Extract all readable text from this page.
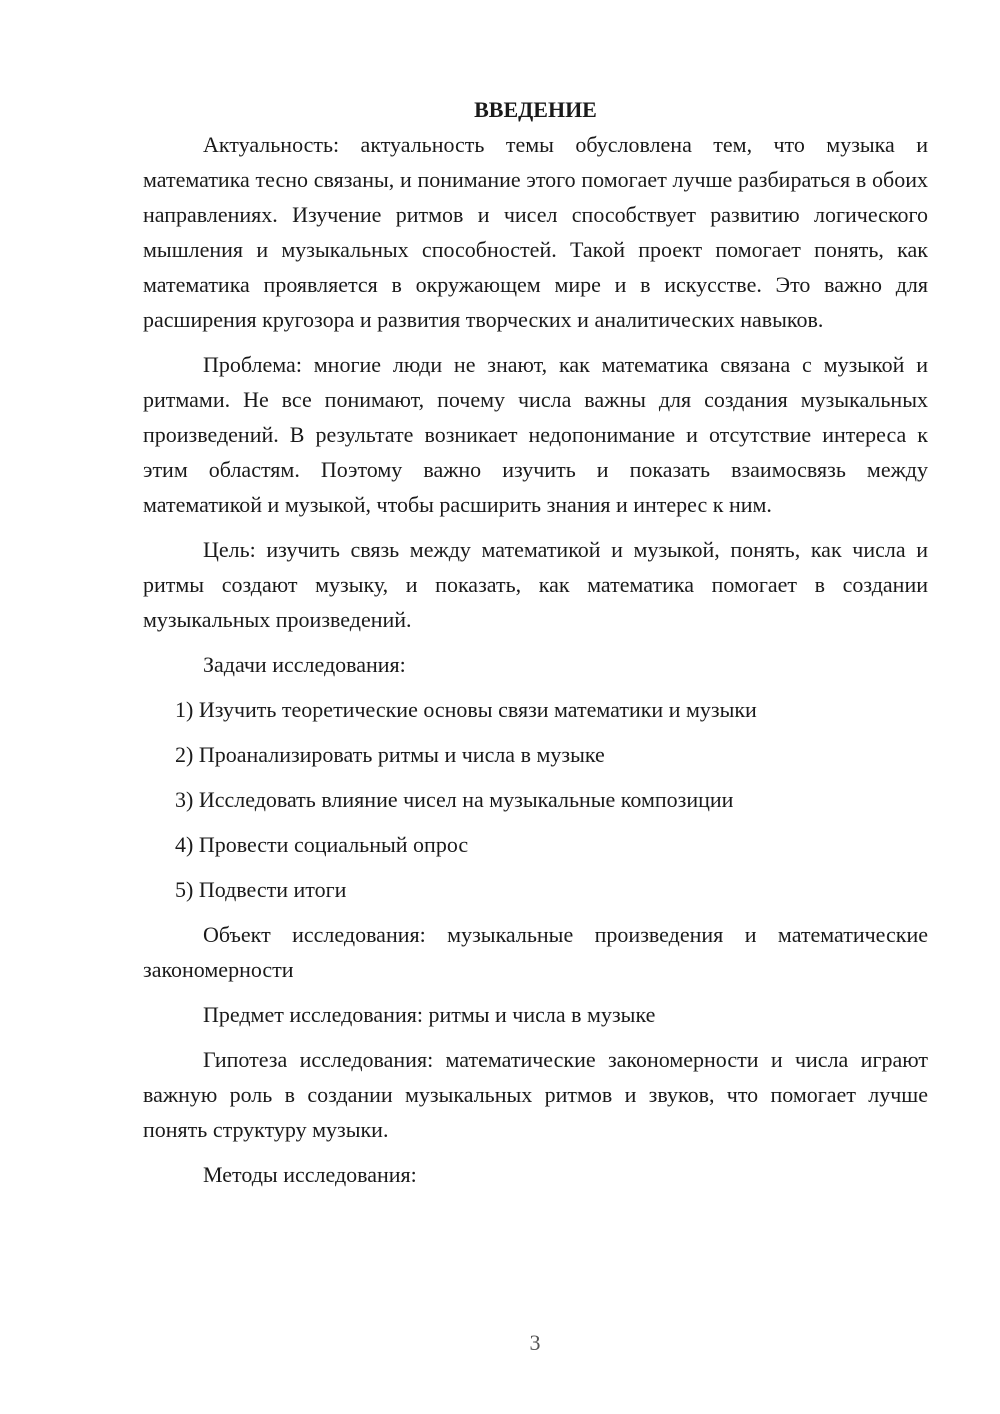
ВВЕДЕНИЕ

Актуальность: актуальность темы обусловлена тем, что музыка и математика тесно связаны, и понимание этого помогает лучше разбираться в обоих направлениях. Изучение ритмов и чисел способствует развитию логического мышления и музыкальных способностей. Такой проект помогает понять, как математика проявляется в окружающем мире и в искусстве. Это важно для расширения кругозора и развития творческих и аналитических навыков.

Проблема: многие люди не знают, как математика связана с музыкой и ритмами. Не все понимают, почему числа важны для создания музыкальных произведений. В результате возникает недопонимание и отсутствие интереса к этим областям. Поэтому важно изучить и показать взаимосвязь между математикой и музыкой, чтобы расширить знания и интерес к ним.

Цель: изучить связь между математикой и музыкой, понять, как числа и ритмы создают музыку, и показать, как математика помогает в создании музыкальных произведений.

Задачи исследования:

1) Изучить теоретические основы связи математики и музыки
2) Проанализировать ритмы и числа в музыке
3) Исследовать влияние чисел на музыкальные композиции
4) Провести социальный опрос
5) Подвести итоги

Объект исследования: музыкальные произведения и математические закономерности

Предмет исследования: ритмы и числа в музыке

Гипотеза исследования: математические закономерности и числа играют важную роль в создании музыкальных ритмов и звуков, что помогает лучше понять структуру музыки.

Методы исследования:

3
